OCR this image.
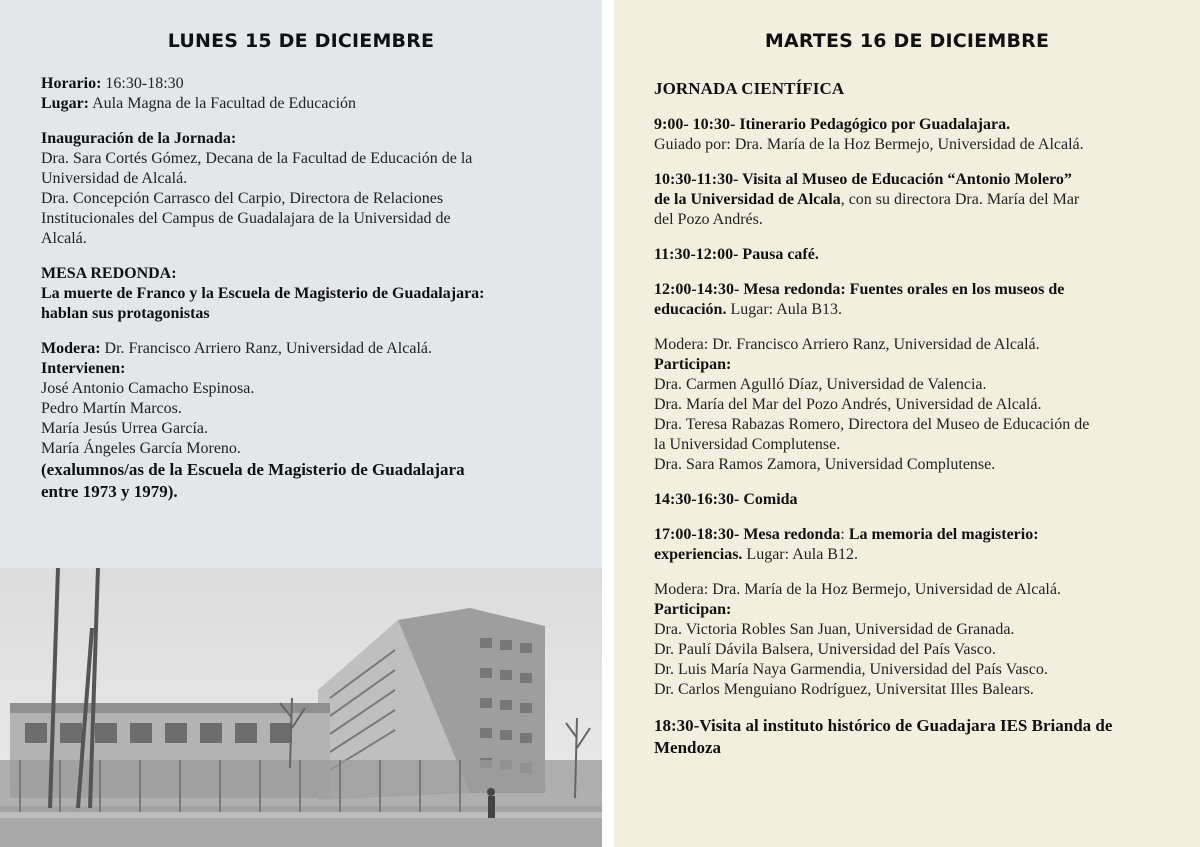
LUNES 15 DE DICIEMBRE

Horario: 16:30-18:30

Lugar: Aula Magna de la Facultad de Educación

Inauguración de la Jornada:

Dra. Sara Cortés Gómez, Decana de la Facultad de Educación de la

Universidad de Alcalá.

Dra. Concepción Carrasco del Carpio, Directora de Relaciones

Institucionales del Campus de Guadalajara de la Universidad de

Alcalá.

MESA REDONDA:

La muerte de Franco y la Escuela de Magisterio de Guadalajara:

hablan sus protagonistas

Modera: Dr. Francisco Arriero Ranz, Universidad de Alcalá.

Intervienen:

José Antonio Camacho Espinosa.

Pedro Martín Marcos.

María Jesús Urrea García.

María Ángeles García Moreno.

(exalumnos/as de la Escuela de Magisterio de Guadalajara

entre 1973 y 1979).

MARTES 16 DE DICIEMBRE

JORNADA CIENTÍFICA

9:00- 10:30- Itinerario Pedagógico por Guadalajara.

Guiado por: Dra. María de la Hoz Bermejo, Universidad de Alcalá.

10:30-11:30- Visita al Museo de Educación “Antonio Molero”

de la Universidad de Alcala, con su directora Dra. María del Mar

del Pozo Andrés.

11:30-12:00- Pausa café.

12:00-14:30- Mesa redonda: Fuentes orales en los museos de

educación. Lugar: Aula B13.

Modera: Dr. Francisco Arriero Ranz, Universidad de Alcalá.

Participan:

Dra. Carmen Agulló Díaz, Universidad de Valencia.

Dra. María del Mar del Pozo Andrés, Universidad de Alcalá.

Dra. Teresa Rabazas Romero, Directora del Museo de Educación de

la Universidad Complutense.

Dra. Sara Ramos Zamora, Universidad Complutense.

14:30-16:30- Comida

17:00-18:30- Mesa redonda: La memoria del magisterio:

experiencias. Lugar: Aula B12.

Modera: Dra. María de la Hoz Bermejo, Universidad de Alcalá.

Participan:

Dra. Victoria Robles San Juan, Universidad de Granada.

Dr. Paulí Dávila Balsera, Universidad del País Vasco.

Dr. Luis María Naya Garmendia, Universidad del País Vasco.

Dr. Carlos Menguiano Rodríguez, Universitat Illes Balears.

18:30-Visita al instituto histórico de Guadajara IES Brianda de

Mendoza
